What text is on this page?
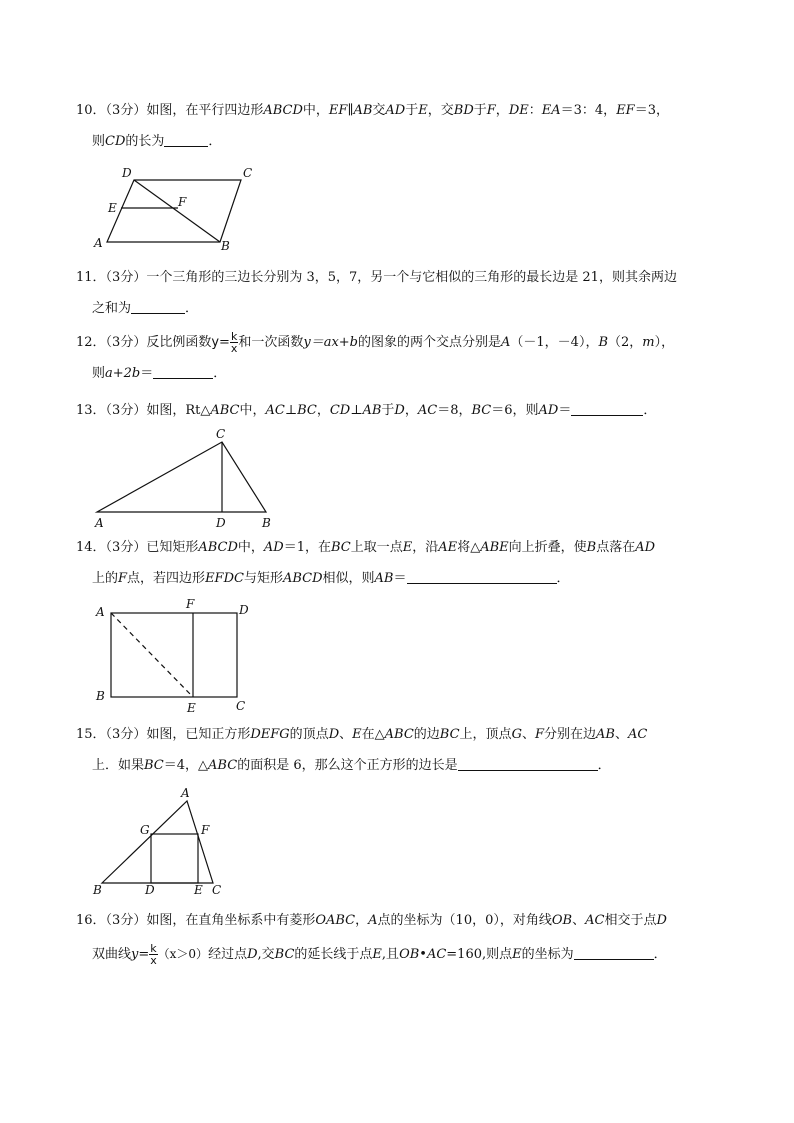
10．（3分）如图，在平行四边形ABCD中，EF∥AB交AD于E，交BD于F，DE：EA＝3：4，EF＝3，
则CD的长为	．
D	C
E	F
A	B
11．（3分）一个三角形的三边长分别为 3，5，7，另一个与它相似的三角形的最长边是 21，则其余两边
之和为	．
12．（3分）反比例函数$y= \frac{k}{x}$ 和一次函数y＝ax+b的图象的两个交点分别是A（－1，－4），B（2，m），
则a+2b＝	．
13．（3分）如图，Rt△ABC中，AC⊥BC，CD⊥AB于D，AC＝8，BC＝6，则AD＝	．
C
A	D	B
14．（3分）已知矩形ABCD中，AD＝1，在BC上取一点E，沿AE将△ABE向上折叠，使B点落在AD
上的F点，若四边形EFDC与矩形ABCD相似，则AB＝	．
A
F	D
B
E	C
15．（3分）如图，已知正方形DEFG的顶点D、E在△ABC的边BC上，顶点G、F分别在边AB、AC
上．如果BC＝4，△ABC的面积是 6，那么这个正方形的边长是	．
A
G	F
B	D	E C
16．（3分）如图，在直角坐标系中有菱形OABC，A点的坐标为（10，0），对角线OB、AC相交于点D
双曲线$y= \frac{k}{x} (x>0)$经过点D,交BC的延长线于点E,且OB•AC=160,则点E的坐标为	．
